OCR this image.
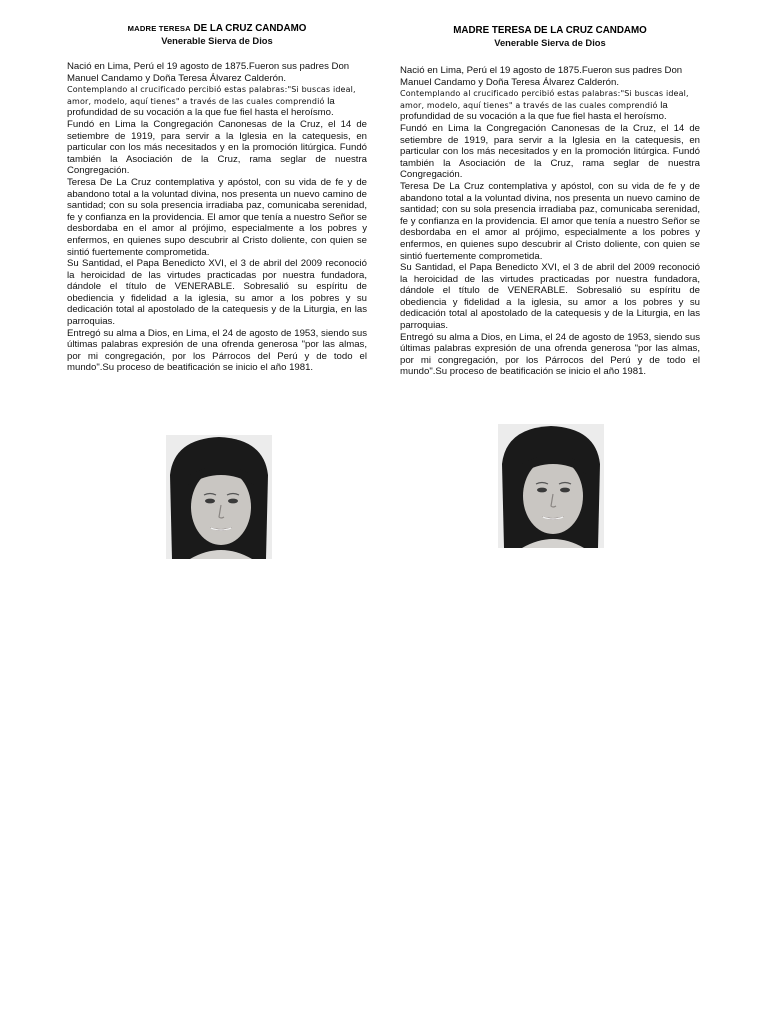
MADRE TERESA DE LA CRUZ CANDAMO
Venerable Sierva de Dios

Nació en Lima, Perú el 19 agosto de 1875.Fueron sus padres Don Manuel Candamo y Doña Teresa Álvarez Calderón.

Contemplando al crucificado percibió estas palabras:"Si buscas ideal, amor, modelo, aquí tienes" a través de las cuales comprendió la profundidad de su vocación a la que fue fiel hasta el heroísmo.

Fundó en Lima la Congregación Canonesas de la Cruz, el 14 de setiembre de 1919, para servir a la Iglesia en la catequesis, en particular con los más necesitados y en la promoción litúrgica. Fundó también la Asociación de la Cruz, rama seglar de nuestra Congregación.

Teresa De La Cruz contemplativa y apóstol, con su vida de fe y de abandono total a la voluntad divina, nos presenta un nuevo camino de santidad; con su sola presencia irradiaba paz, comunicaba serenidad, fe y confianza en la providencia. El amor que tenía a nuestro Señor se desbordaba en el amor al prójimo, especialmente a los pobres y enfermos, en quienes supo descubrir al Cristo doliente, con quien se sintió fuertemente comprometida.

Su Santidad, el Papa Benedicto XVI, el 3 de abril del 2009 reconoció la heroicidad de las virtudes practicadas por nuestra fundadora, dándole el título de VENERABLE. Sobresalió su espíritu de obediencia y fidelidad a la iglesia, su amor a los pobres y su dedicación total al apostolado de la catequesis y de la Liturgia, en las parroquias.

Entregó su alma a Dios, en Lima, el 24 de agosto de 1953, siendo sus últimas palabras expresión de una ofrenda generosa "por las almas, por mi congregación, por los Párrocos del Perú y de todo el mundo".Su proceso de beatificación se inicio el año 1981.

MADRE TERESA DE LA CRUZ CANDAMO
Venerable Sierva de Dios

Nació en Lima, Perú el 19 agosto de 1875.Fueron sus padres Don Manuel Candamo y Doña Teresa Álvarez Calderón.

Contemplando al crucificado percibió estas palabras:"Si buscas ideal, amor, modelo, aquí tienes" a través de las cuales comprendió la profundidad de su vocación a la que fue fiel hasta el heroísmo.

Fundó en Lima la Congregación Canonesas de la Cruz, el 14 de setiembre de 1919, para servir a la Iglesia en la catequesis, en particular con los más necesitados y en la promoción litúrgica. Fundó también la Asociación de la Cruz, rama seglar de nuestra Congregación.

Teresa De La Cruz contemplativa y apóstol, con su vida de fe y de abandono total a la voluntad divina, nos presenta un nuevo camino de santidad; con su sola presencia irradiaba paz, comunicaba serenidad, fe y confianza en la providencia. El amor que tenía a nuestro Señor se desbordaba en el amor al prójimo, especialmente a los pobres y enfermos, en quienes supo descubrir al Cristo doliente, con quien se sintió fuertemente comprometida.

Su Santidad, el Papa Benedicto XVI, el 3 de abril del 2009 reconoció la heroicidad de las virtudes practicadas por nuestra fundadora, dándole el título de VENERABLE. Sobresalió su espíritu de obediencia y fidelidad a la iglesia, su amor a los pobres y su dedicación total al apostolado de la catequesis y de la Liturgia, en las parroquias.

Entregó su alma a Dios, en Lima, el 24 de agosto de 1953, siendo sus últimas palabras expresión de una ofrenda generosa "por las almas, por mi congregación, por los Párrocos del Perú y de todo el mundo".Su proceso de beatificación se inicio el año 1981.
